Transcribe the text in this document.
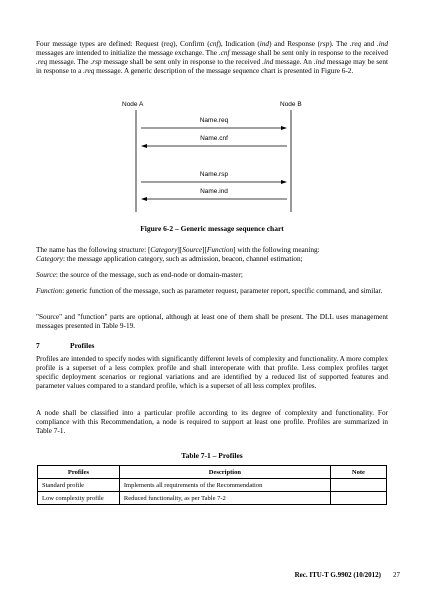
Four message types are defined: Request (req), Confirm (cnf), Indication (ind) and Response (rsp). The .req and .ind messages are intended to initialize the message exchange. The .cnf message shall be sent only in response to the received .req message. The .rsp message shall be sent only in response to the received .ind message. An .ind message may be sent in response to a .req message. A generic description of the message sequence chart is presented in Figure 6-2.

Node A	Node B
Name.req
Name.cnf
Name.rsp
Name.ind

Figure 6-2 – Generic message sequence chart

The name has the following structure: [Category][Source][Function] with the following meaning:
Category: the message application category, such as admission, beacon, channel estimation;

Source: the source of the message, such as end-node or domain-master;

Function: generic function of the message, such as parameter request, parameter report, specific command, and similar.

"Source" and "function" parts are optional, although at least one of them shall be present. The DLL uses management messages presented in Table 9-19.

7	Profiles

Profiles are intended to specify nodes with significantly different levels of complexity and functionality. A more complex profile is a superset of a less complex profile and shall interoperate with that profile. Less complex profiles target specific deployment scenarios or regional variations and are identified by a reduced list of supported features and parameter values compared to a standard profile, which is a superset of all less complex profiles.

A node shall be classified into a particular profile according to its degree of complexity and functionality. For compliance with this Recommendation, a node is required to support at least one profile. Profiles are summarized in Table 7-1.

Table 7-1 – Profiles

Profiles	Description	Note
Standard profile	Implements all requirements of the Recommendation	
Low complexity profile	Reduced functionality, as per Table 7-2	

Rec. ITU-T G.9902 (10/2012) 27
